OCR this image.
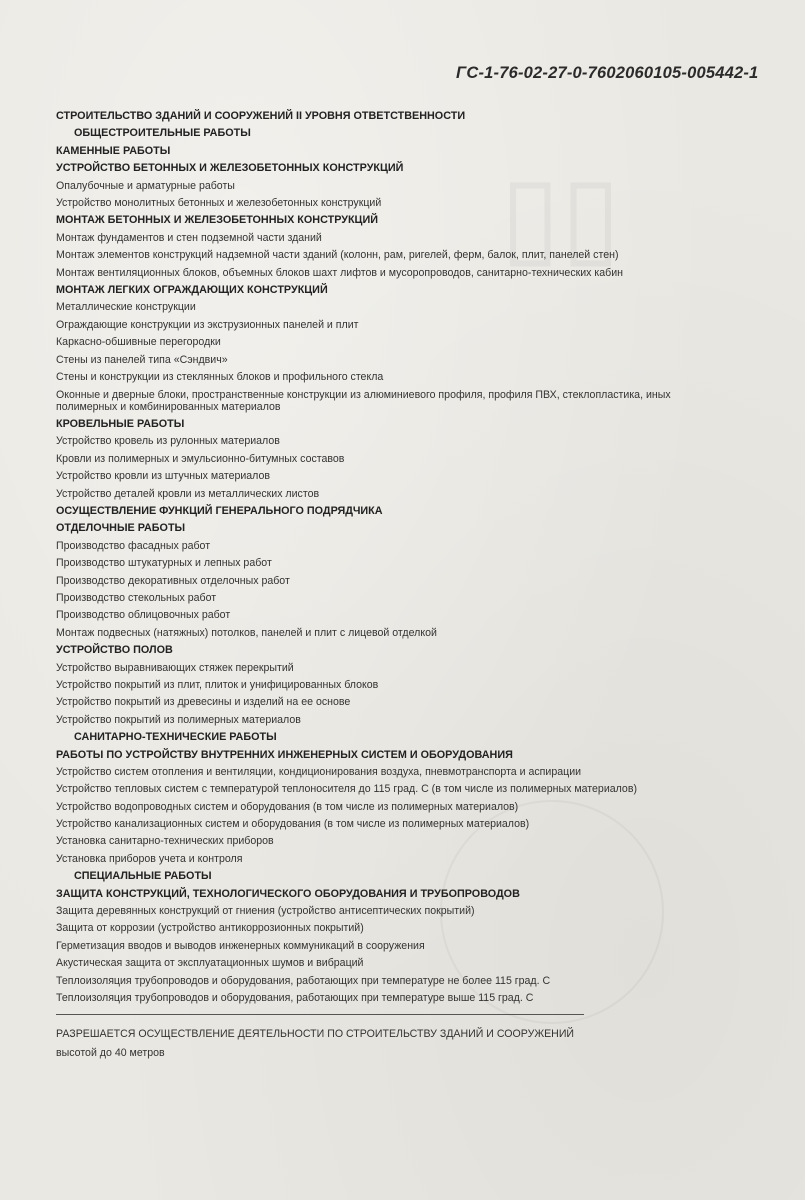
ГС-1-76-02-27-0-7602060105-005442-1
СТРОИТЕЛЬСТВО ЗДАНИЙ И СООРУЖЕНИЙ II УРОВНЯ ОТВЕТСТВЕННОСТИ
ОБЩЕСТРОИТЕЛЬНЫЕ РАБОТЫ
КАМЕННЫЕ РАБОТЫ
УСТРОЙСТВО БЕТОННЫХ И ЖЕЛЕЗОБЕТОННЫХ КОНСТРУКЦИЙ
Опалубочные и арматурные работы
Устройство монолитных бетонных и железобетонных конструкций
МОНТАЖ БЕТОННЫХ И ЖЕЛЕЗОБЕТОННЫХ КОНСТРУКЦИЙ
Монтаж фундаментов и стен подземной части зданий
Монтаж элементов конструкций надземной части зданий (колонн, рам, ригелей, ферм, балок, плит, панелей стен)
Монтаж вентиляционных блоков, объемных блоков шахт лифтов и мусоропроводов, санитарно-технических кабин
МОНТАЖ ЛЕГКИХ ОГРАЖДАЮЩИХ КОНСТРУКЦИЙ
Металлические конструкции
Ограждающие конструкции из экструзионных панелей и плит
Каркасно-обшивные перегородки
Стены из панелей типа «Сэндвич»
Стены и конструкции из стеклянных блоков и профильного стекла
Оконные и дверные блоки, пространственные конструкции из алюминиевого профиля, профиля ПВХ, стеклопластика, иных полимерных и комбинированных материалов
КРОВЕЛЬНЫЕ РАБОТЫ
Устройство кровель из рулонных материалов
Кровли из полимерных и эмульсионно-битумных составов
Устройство кровли из штучных материалов
Устройство деталей кровли из металлических листов
ОСУЩЕСТВЛЕНИЕ ФУНКЦИЙ ГЕНЕРАЛЬНОГО ПОДРЯДЧИКА
ОТДЕЛОЧНЫЕ РАБОТЫ
Производство фасадных работ
Производство штукатурных и лепных работ
Производство декоративных отделочных работ
Производство стекольных работ
Производство облицовочных работ
Монтаж подвесных (натяжных) потолков, панелей и плит с лицевой отделкой
УСТРОЙСТВО ПОЛОВ
Устройство выравнивающих стяжек перекрытий
Устройство покрытий из плит, плиток и унифицированных блоков
Устройство покрытий из древесины и изделий на ее основе
Устройство покрытий из полимерных материалов
САНИТАРНО-ТЕХНИЧЕСКИЕ РАБОТЫ
РАБОТЫ ПО УСТРОЙСТВУ ВНУТРЕННИХ ИНЖЕНЕРНЫХ СИСТЕМ И ОБОРУДОВАНИЯ
Устройство систем отопления и вентиляции, кондиционирования воздуха, пневмотранспорта и аспирации
Устройство тепловых систем с температурой теплоносителя до 115 град. С (в том числе из полимерных материалов)
Устройство водопроводных систем и оборудования (в том числе из полимерных материалов)
Устройство канализационных систем и оборудования (в том числе из полимерных материалов)
Установка санитарно-технических приборов
Установка приборов учета и контроля
СПЕЦИАЛЬНЫЕ РАБОТЫ
ЗАЩИТА КОНСТРУКЦИЙ, ТЕХНОЛОГИЧЕСКОГО ОБОРУДОВАНИЯ И ТРУБОПРОВОДОВ
Защита деревянных конструкций от гниения (устройство антисептических покрытий)
Защита от коррозии (устройство антикоррозионных покрытий)
Герметизация вводов и выводов инженерных коммуникаций в сооружения
Акустическая защита от эксплуатационных шумов и вибраций
Теплоизоляция трубопроводов и оборудования, работающих при температуре не более 115 град. С
Теплоизоляция трубопроводов и оборудования, работающих при температуре выше 115 град. С
РАЗРЕШАЕТСЯ ОСУЩЕСТВЛЕНИЕ ДЕЯТЕЛЬНОСТИ ПО СТРОИТЕЛЬСТВУ ЗДАНИЙ И СООРУЖЕНИЙ
высотой до 40 метров
